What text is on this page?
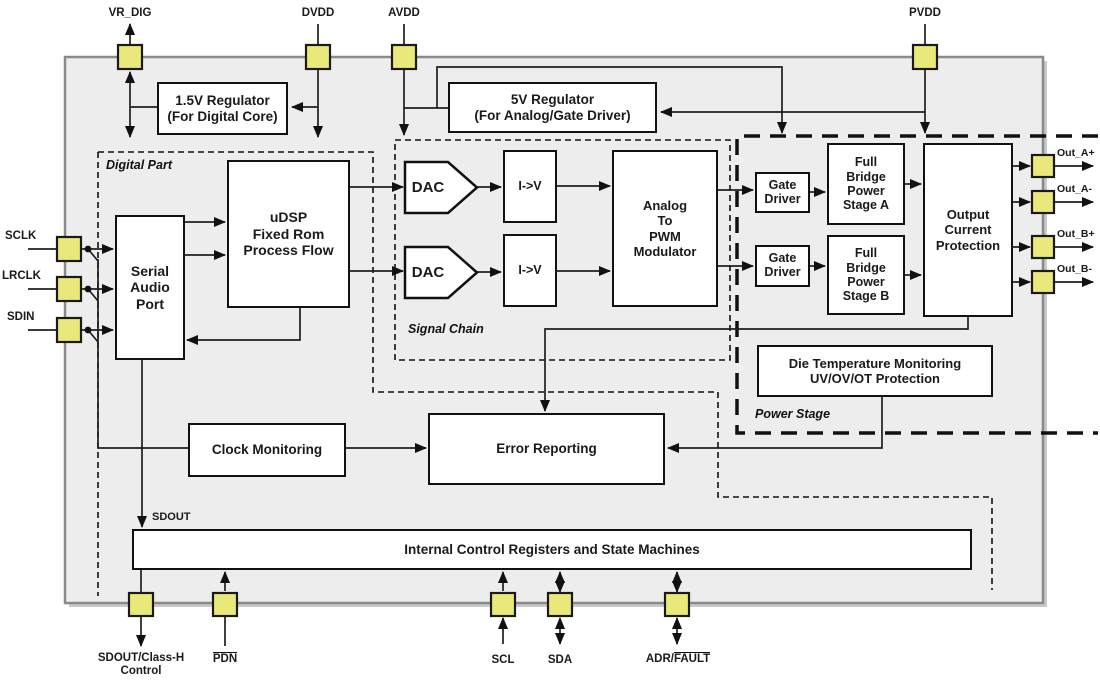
1.5V Regulator
(For Digital Core)
5V Regulator
(For Analog/Gate Driver)
Serial
Audio
Port
uDSP
Fixed Rom
Process Flow
DAC
DAC
I->V
I->V
Analog
To
PWM
Modulator
Gate
Driver
Gate
Driver
Full
Bridge
Power
Stage A
Full
Bridge
Power
Stage B
Output
Current
Protection
Die Temperature Monitoring
UV/OV/OT Protection
Clock Monitoring	Error Reporting
Internal Control Registers and State Machines
Digital Part
Signal Chain
Power Stage
VR_DIG	DVDD	AVDD	PVDD
SCLK
LRCLK
SDIN
Out_A+
Out_A-
Out_B+
Out_B-
SDOUT
SDOUT/Class-H
Control
PDN	SCL	SDA	ADR/FAULT
